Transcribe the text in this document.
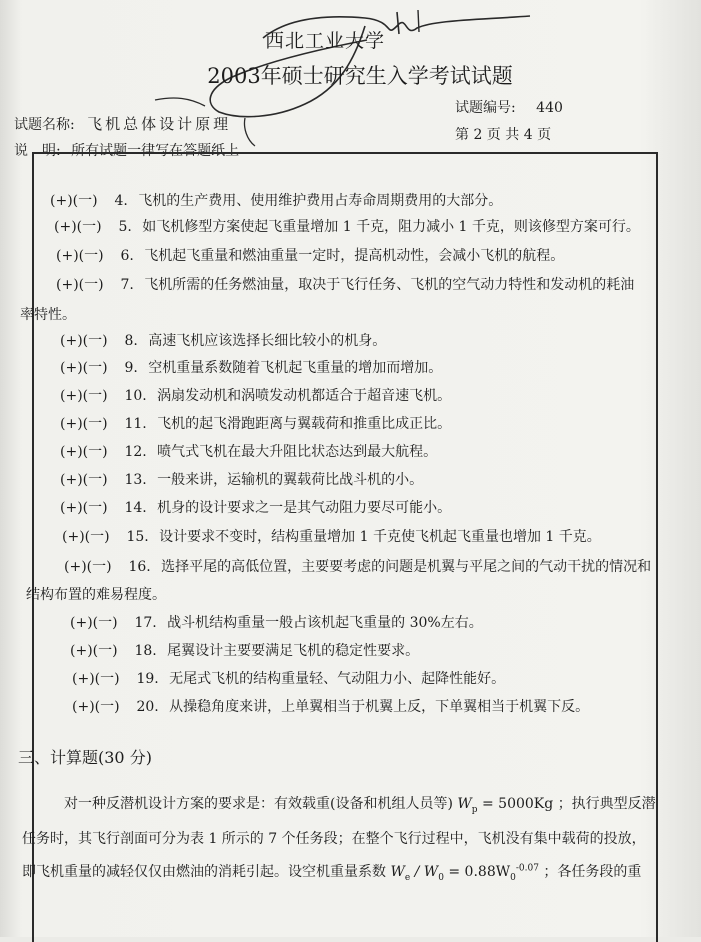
西北工业大学
2003年硕士研究生入学考试试题
试题名称: 飞机总体设计原理
试题编号: 440
说　明: 所有试题一律写在答题纸上
第 2 页 共 4 页
(+)(一) 4. 飞机的生产费用、使用维护费用占寿命周期费用的大部分。
(+)(一) 5. 如飞机修型方案使起飞重量增加 1 千克，阻力减小 1 千克，则该修型方案可行。
(+)(一) 6. 飞机起飞重量和燃油重量一定时，提高机动性，会减小飞机的航程。
(+)(一) 7. 飞机所需的任务燃油量，取决于飞行任务、飞机的空气动力特性和发动机的耗油
率特性。
(+)(一) 8. 高速飞机应该选择长细比较小的机身。
(+)(一) 9. 空机重量系数随着飞机起飞重量的增加而增加。
(+)(一) 10. 涡扇发动机和涡喷发动机都适合于超音速飞机。
(+)(一) 11. 飞机的起飞滑跑距离与翼载荷和推重比成正比。
(+)(一) 12. 喷气式飞机在最大升阻比状态达到最大航程。
(+)(一) 13. 一般来讲，运输机的翼载荷比战斗机的小。
(+)(一) 14. 机身的设计要求之一是其气动阻力要尽可能小。
(+)(一) 15. 设计要求不变时，结构重量增加 1 千克使飞机起飞重量也增加 1 千克。
(+)(一) 16. 选择平尾的高低位置，主要要考虑的问题是机翼与平尾之间的气动干扰的情况和
结构布置的难易程度。
(+)(一) 17. 战斗机结构重量一般占该机起飞重量的 30%左右。
(+)(一) 18. 尾翼设计主要要满足飞机的稳定性要求。
(+)(一) 19. 无尾式飞机的结构重量轻、气动阻力小、起降性能好。
(+)(一) 20. 从操稳角度来讲，上单翼相当于机翼上反，下单翼相当于机翼下反。
三、计算题(30 分)
对一种反潜机设计方案的要求是：有效载重(设备和机组人员等) $W_p = 5000Kg$ ；执行典型反潜
任务时，其飞行剖面可分为表 1 所示的 7 个任务段；在整个飞行过程中，飞机没有集中载荷的投放，
即飞机重量的减轻仅仅由燃油的消耗引起。设空机重量系数 $W_e / W_0 = 0.88W_0^{-0.07}$ ；各任务段的重
